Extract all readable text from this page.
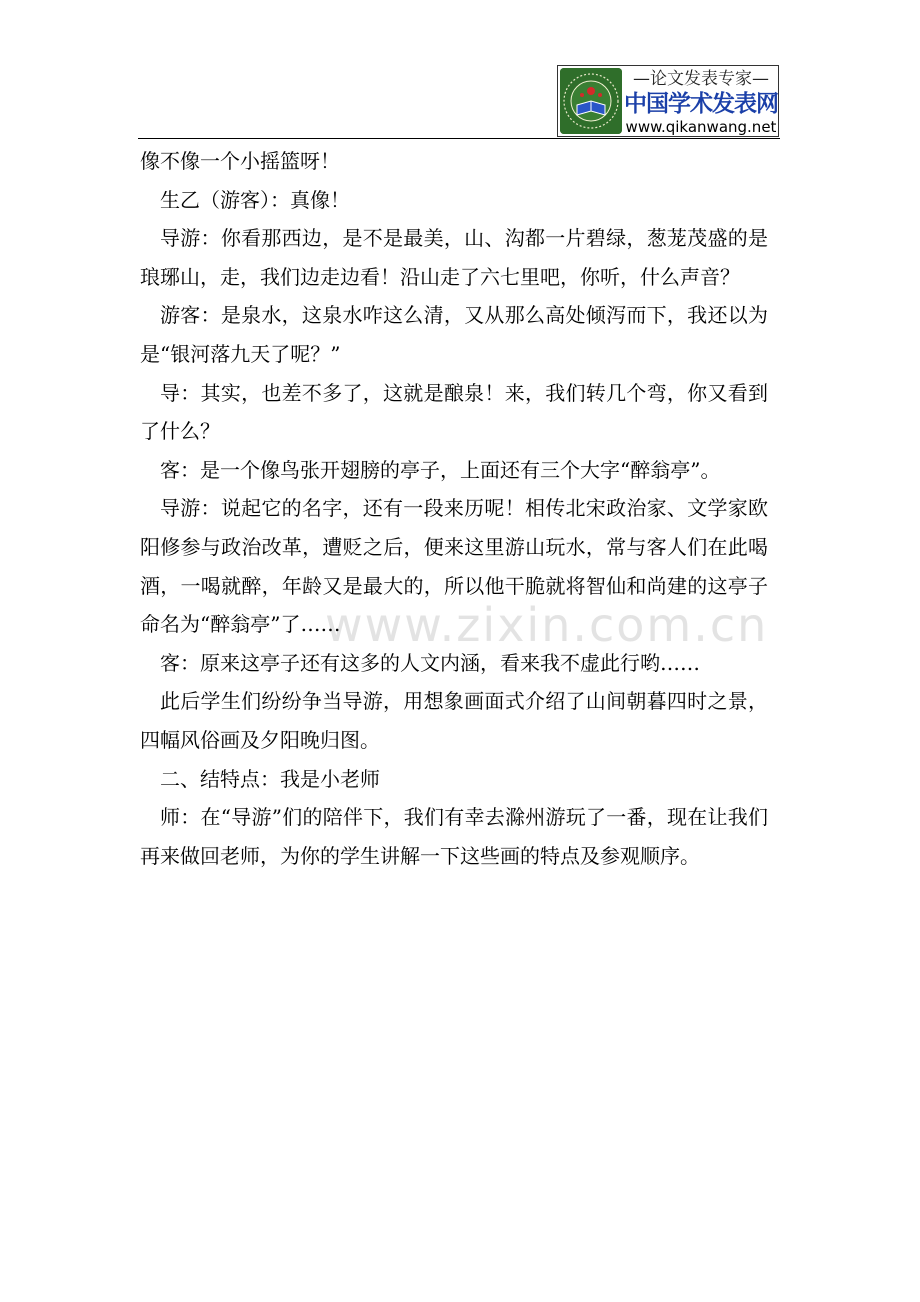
—论文发表专家—
中国学术发表网
www.qikanwang.net
www.zixin.com.cn

像不像一个小摇篮呀！

生乙（游客）：真像！

导游：你看那西边，是不是最美，山、沟都一片碧绿，葱茏茂盛的是琅琊山，走，我们边走边看！沿山走了六七里吧，你听，什么声音？

游客：是泉水，这泉水咋这么清，又从那么高处倾泻而下，我还以为是“银河落九天了呢？”

导：其实，也差不多了，这就是酿泉！来，我们转几个弯，你又看到了什么？

客：是一个像鸟张开翅膀的亭子，上面还有三个大字“醉翁亭”。

导游：说起它的名字，还有一段来历呢！相传北宋政治家、文学家欧阳修参与政治改革，遭贬之后，便来这里游山玩水，常与客人们在此喝酒，一喝就醉，年龄又是最大的，所以他干脆就将智仙和尚建的这亭子命名为“醉翁亭”了……

客：原来这亭子还有这多的人文内涵，看来我不虚此行哟……

此后学生们纷纷争当导游，用想象画面式介绍了山间朝暮四时之景，四幅风俗画及夕阳晚归图。

二、结特点：我是小老师

师：在“导游”们的陪伴下，我们有幸去滁州游玩了一番，现在让我们再来做回老师，为你的学生讲解一下这些画的特点及参观顺序。
